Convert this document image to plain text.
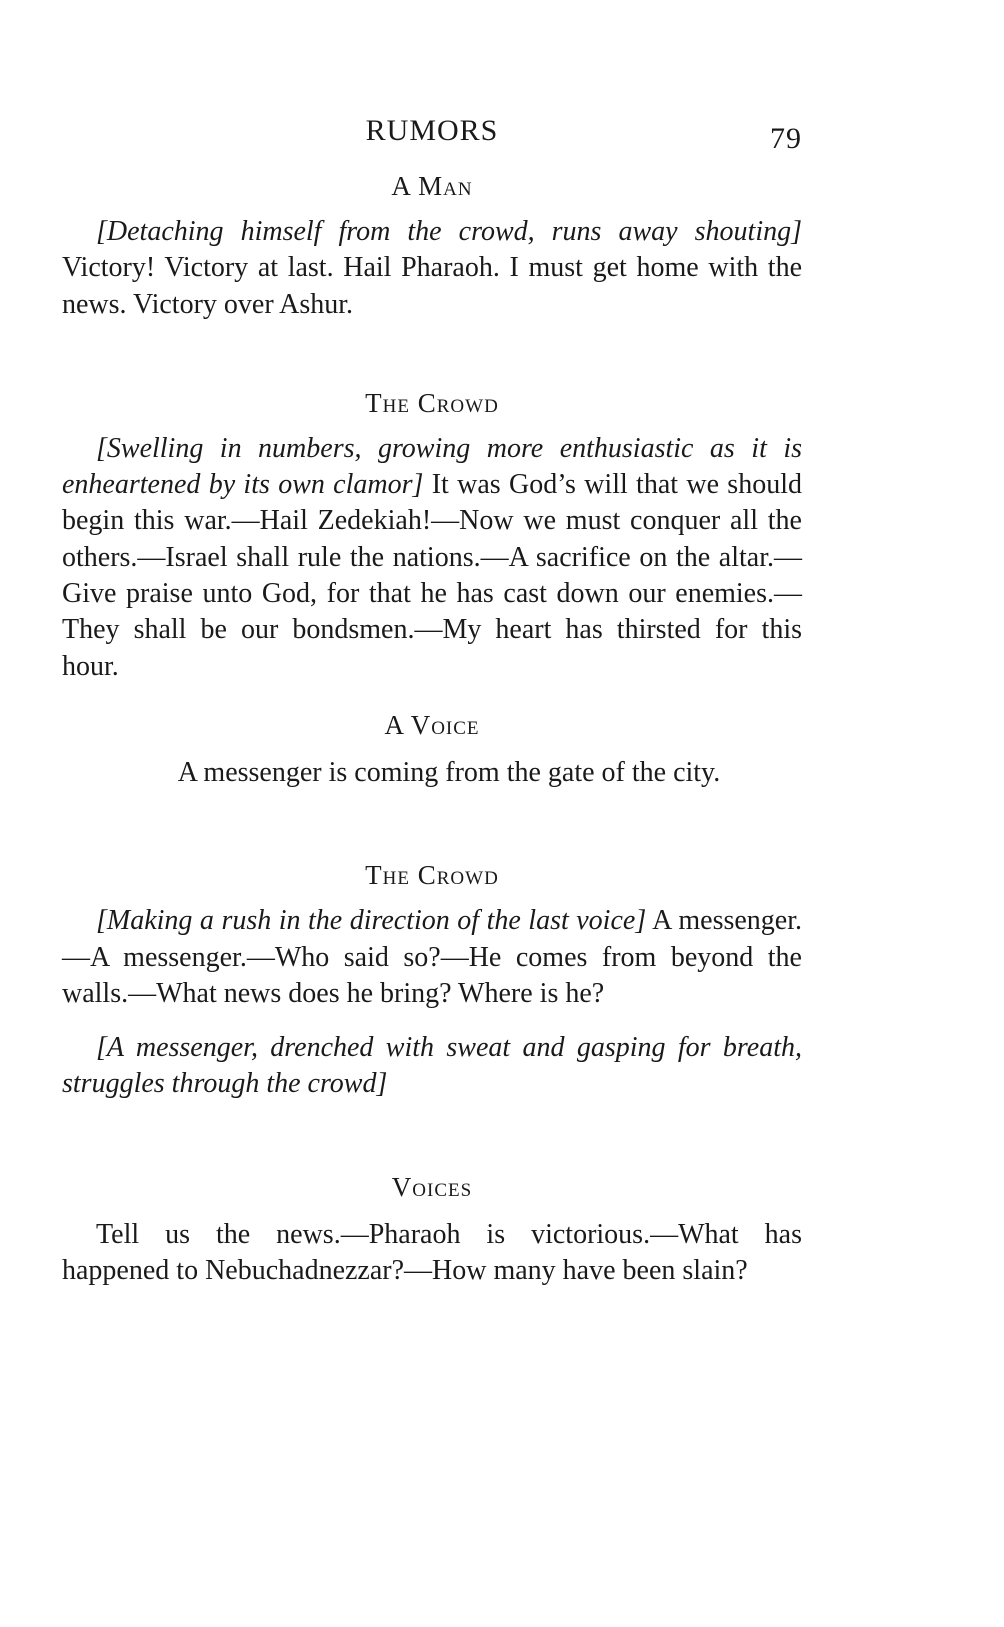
RUMORS	79
A Man

[Detaching himself from the crowd, runs away shouting] Victory! Victory at last. Hail Pharaoh. I must get home with the news. Victory over Ashur.

The Crowd

[Swelling in numbers, growing more enthusiastic as it is enheartened by its own clamor] It was God’s will that we should begin this war.—Hail Zedekiah!—Now we must conquer all the others.—Israel shall rule the nations.—A sacrifice on the altar.—Give praise unto God, for that he has cast down our enemies.—They shall be our bondsmen.—My heart has thirsted for this hour.

A Voice

A messenger is coming from the gate of the city.

The Crowd

[Making a rush in the direction of the last voice] A messenger.—A messenger.—Who said so?—He comes from beyond the walls.—What news does he bring? Where is he?

[A messenger, drenched with sweat and gasping for breath, struggles through the crowd]

Voices

Tell us the news.—Pharaoh is victorious.—What has happened to Nebuchadnezzar?—How many have been slain?
